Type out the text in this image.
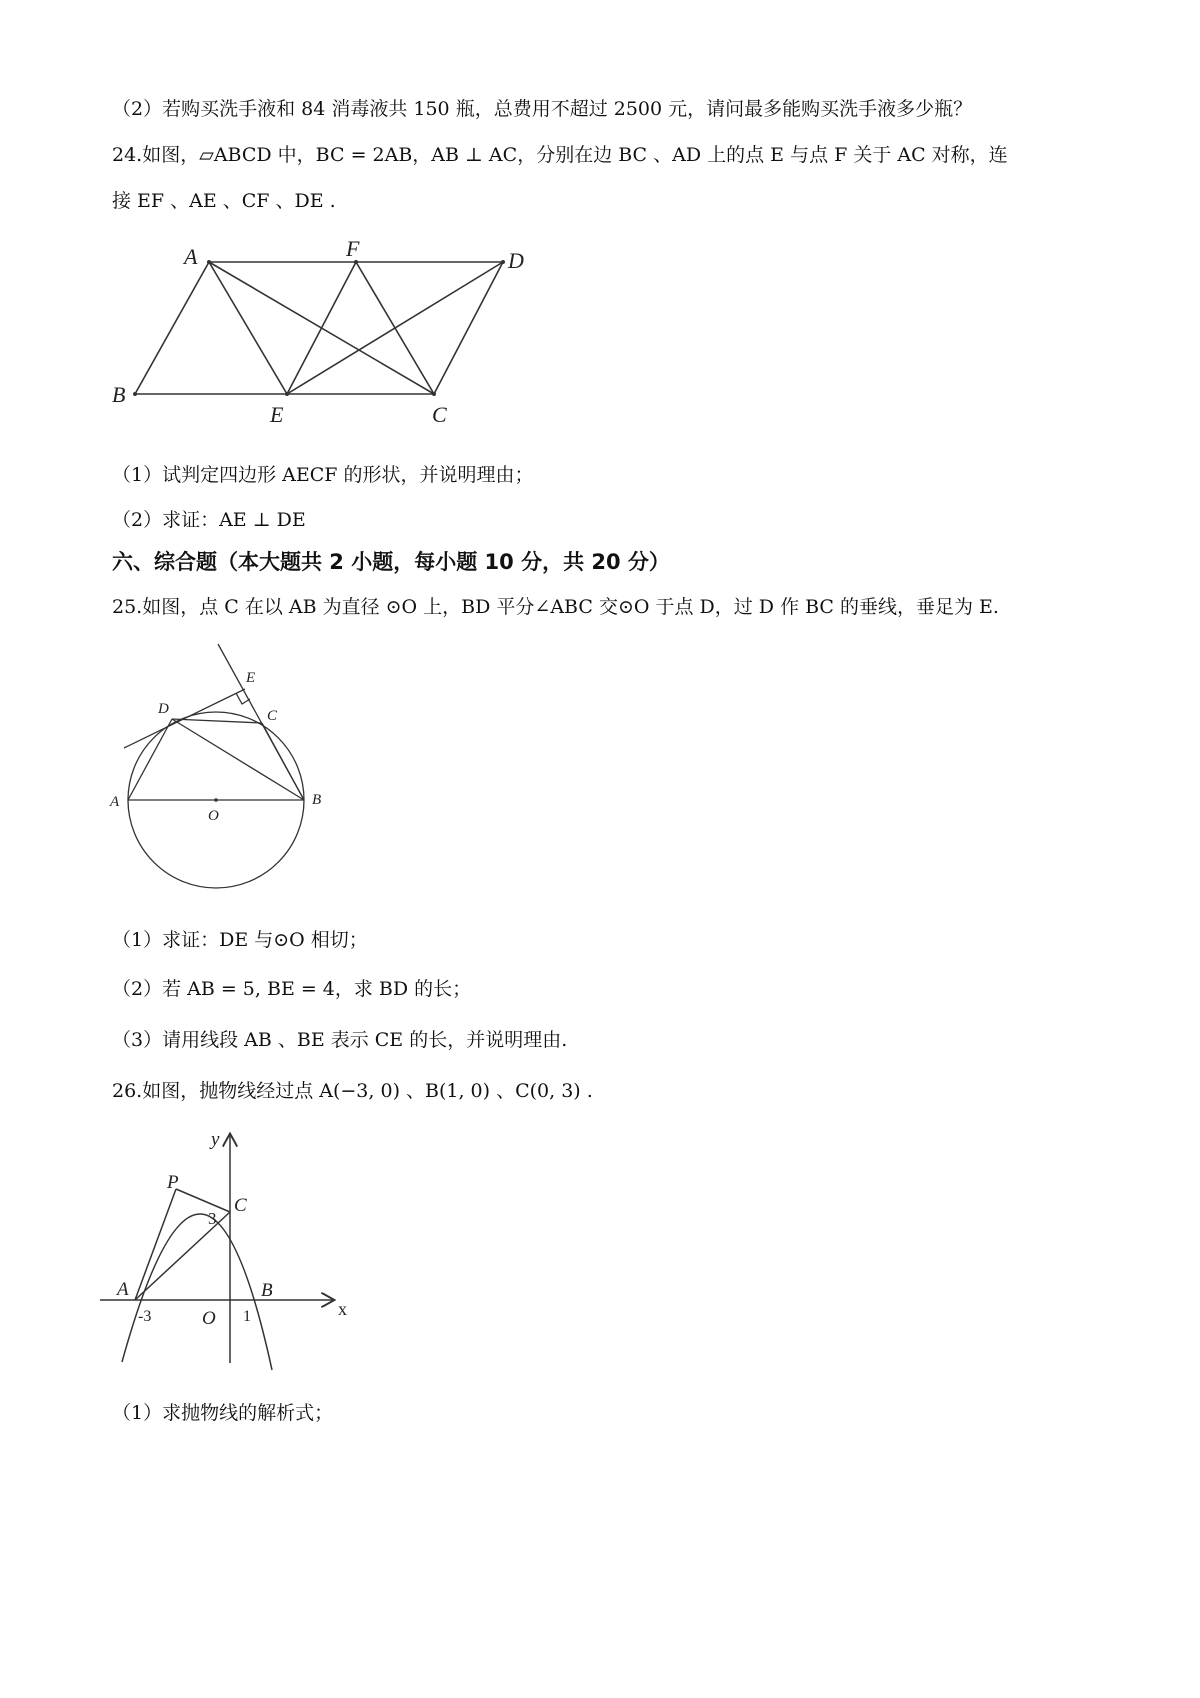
（2）若购买洗手液和 84 消毒液共 150 瓶，总费用不超过 2500 元，请问最多能购买洗手液多少瓶？
24.如图，▱ABCD 中，BC = 2AB，AB ⊥ AC，分别在边 BC 、AD 上的点 E 与点 F 关于 AC 对称，连
接 EF 、AE 、CF 、DE .
A	F	D
B
E	C
（1）试判定四边形 AECF 的形状，并说明理由；
（2）求证：AE ⊥ DE
六、综合题（本大题共 2 小题，每小题 10 分，共 20 分）
25.如图，点 C 在以 AB 为直径 ⊙O 上，BD 平分∠ABC 交⊙O 于点 D，过 D 作 BC 的垂线，垂足为 E.
E
D	C
A	B
O
（1）求证：DE 与⊙O 相切；
（2）若 AB = 5, BE = 4，求 BD 的长；
（3）请用线段 AB 、BE 表示 CE 的长，并说明理由.
26.如图，抛物线经过点 A(−3, 0) 、B(1, 0) 、C(0, 3) .
y
P
C
3
A	B
x
-3	O 1
（1）求抛物线的解析式；
